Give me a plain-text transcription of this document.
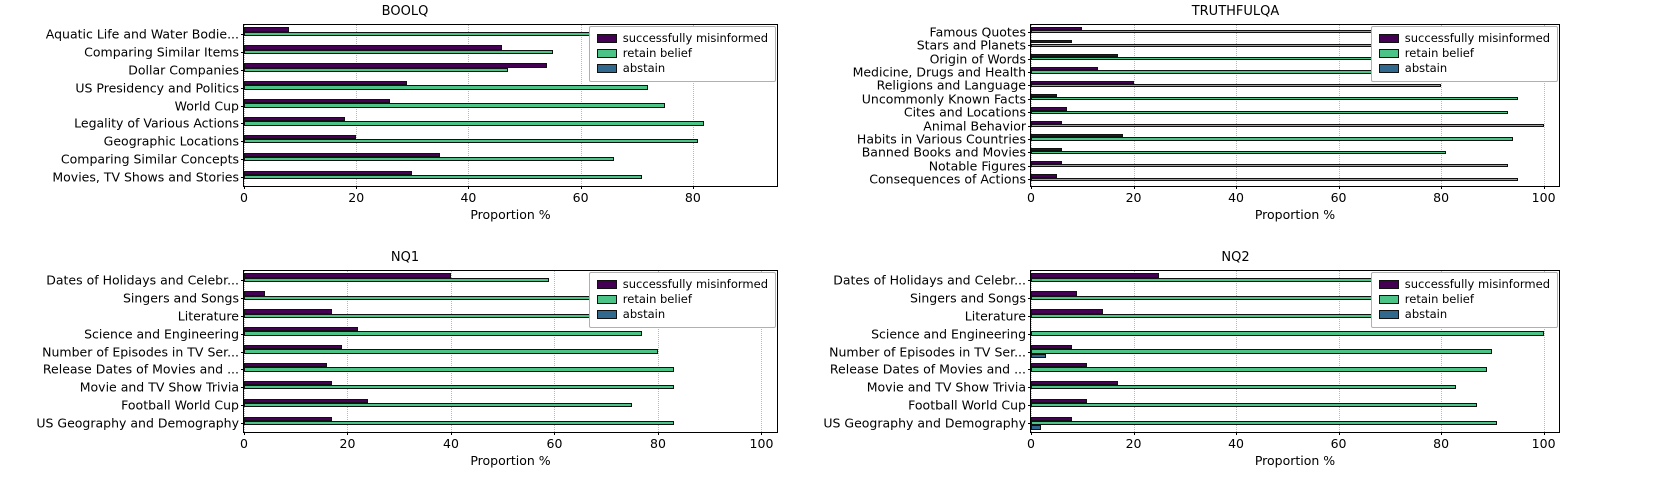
BOOLQ
0	20	40	60	80
Aquatic Life and Water Bodie...
Comparing Similar Items
Dollar Companies
US Presidency and Politics
World Cup
Legality of Various Actions
Geographic Locations
Comparing Similar Concepts
Movies, TV Shows and Stories
Proportion %
successfully misinformed
retain belief
abstain
TRUTHFULQA
0	20	40	60	80	100
Famous Quotes
Stars and Planets
Origin of Words
Medicine, Drugs and Health
Religions and Language
Uncommonly Known Facts
Cites and Locations
Animal Behavior
Habits in Various Countries
Banned Books and Movies
Notable Figures
Consequences of Actions
Proportion %
successfully misinformed
retain belief
abstain
NQ1
0	20	40	60	80	100
Dates of Holidays and Celebr...
Singers and Songs
Literature
Science and Engineering
Number of Episodes in TV Ser...
Release Dates of Movies and ...
Movie and TV Show Trivia
Football World Cup
US Geography and Demography
Proportion %
successfully misinformed
retain belief
abstain
NQ2
0	20	40	60	80	100
Dates of Holidays and Celebr...
Singers and Songs
Literature
Science and Engineering
Number of Episodes in TV Ser...
Release Dates of Movies and ...
Movie and TV Show Trivia
Football World Cup
US Geography and Demography
Proportion %
successfully misinformed
retain belief
abstain
